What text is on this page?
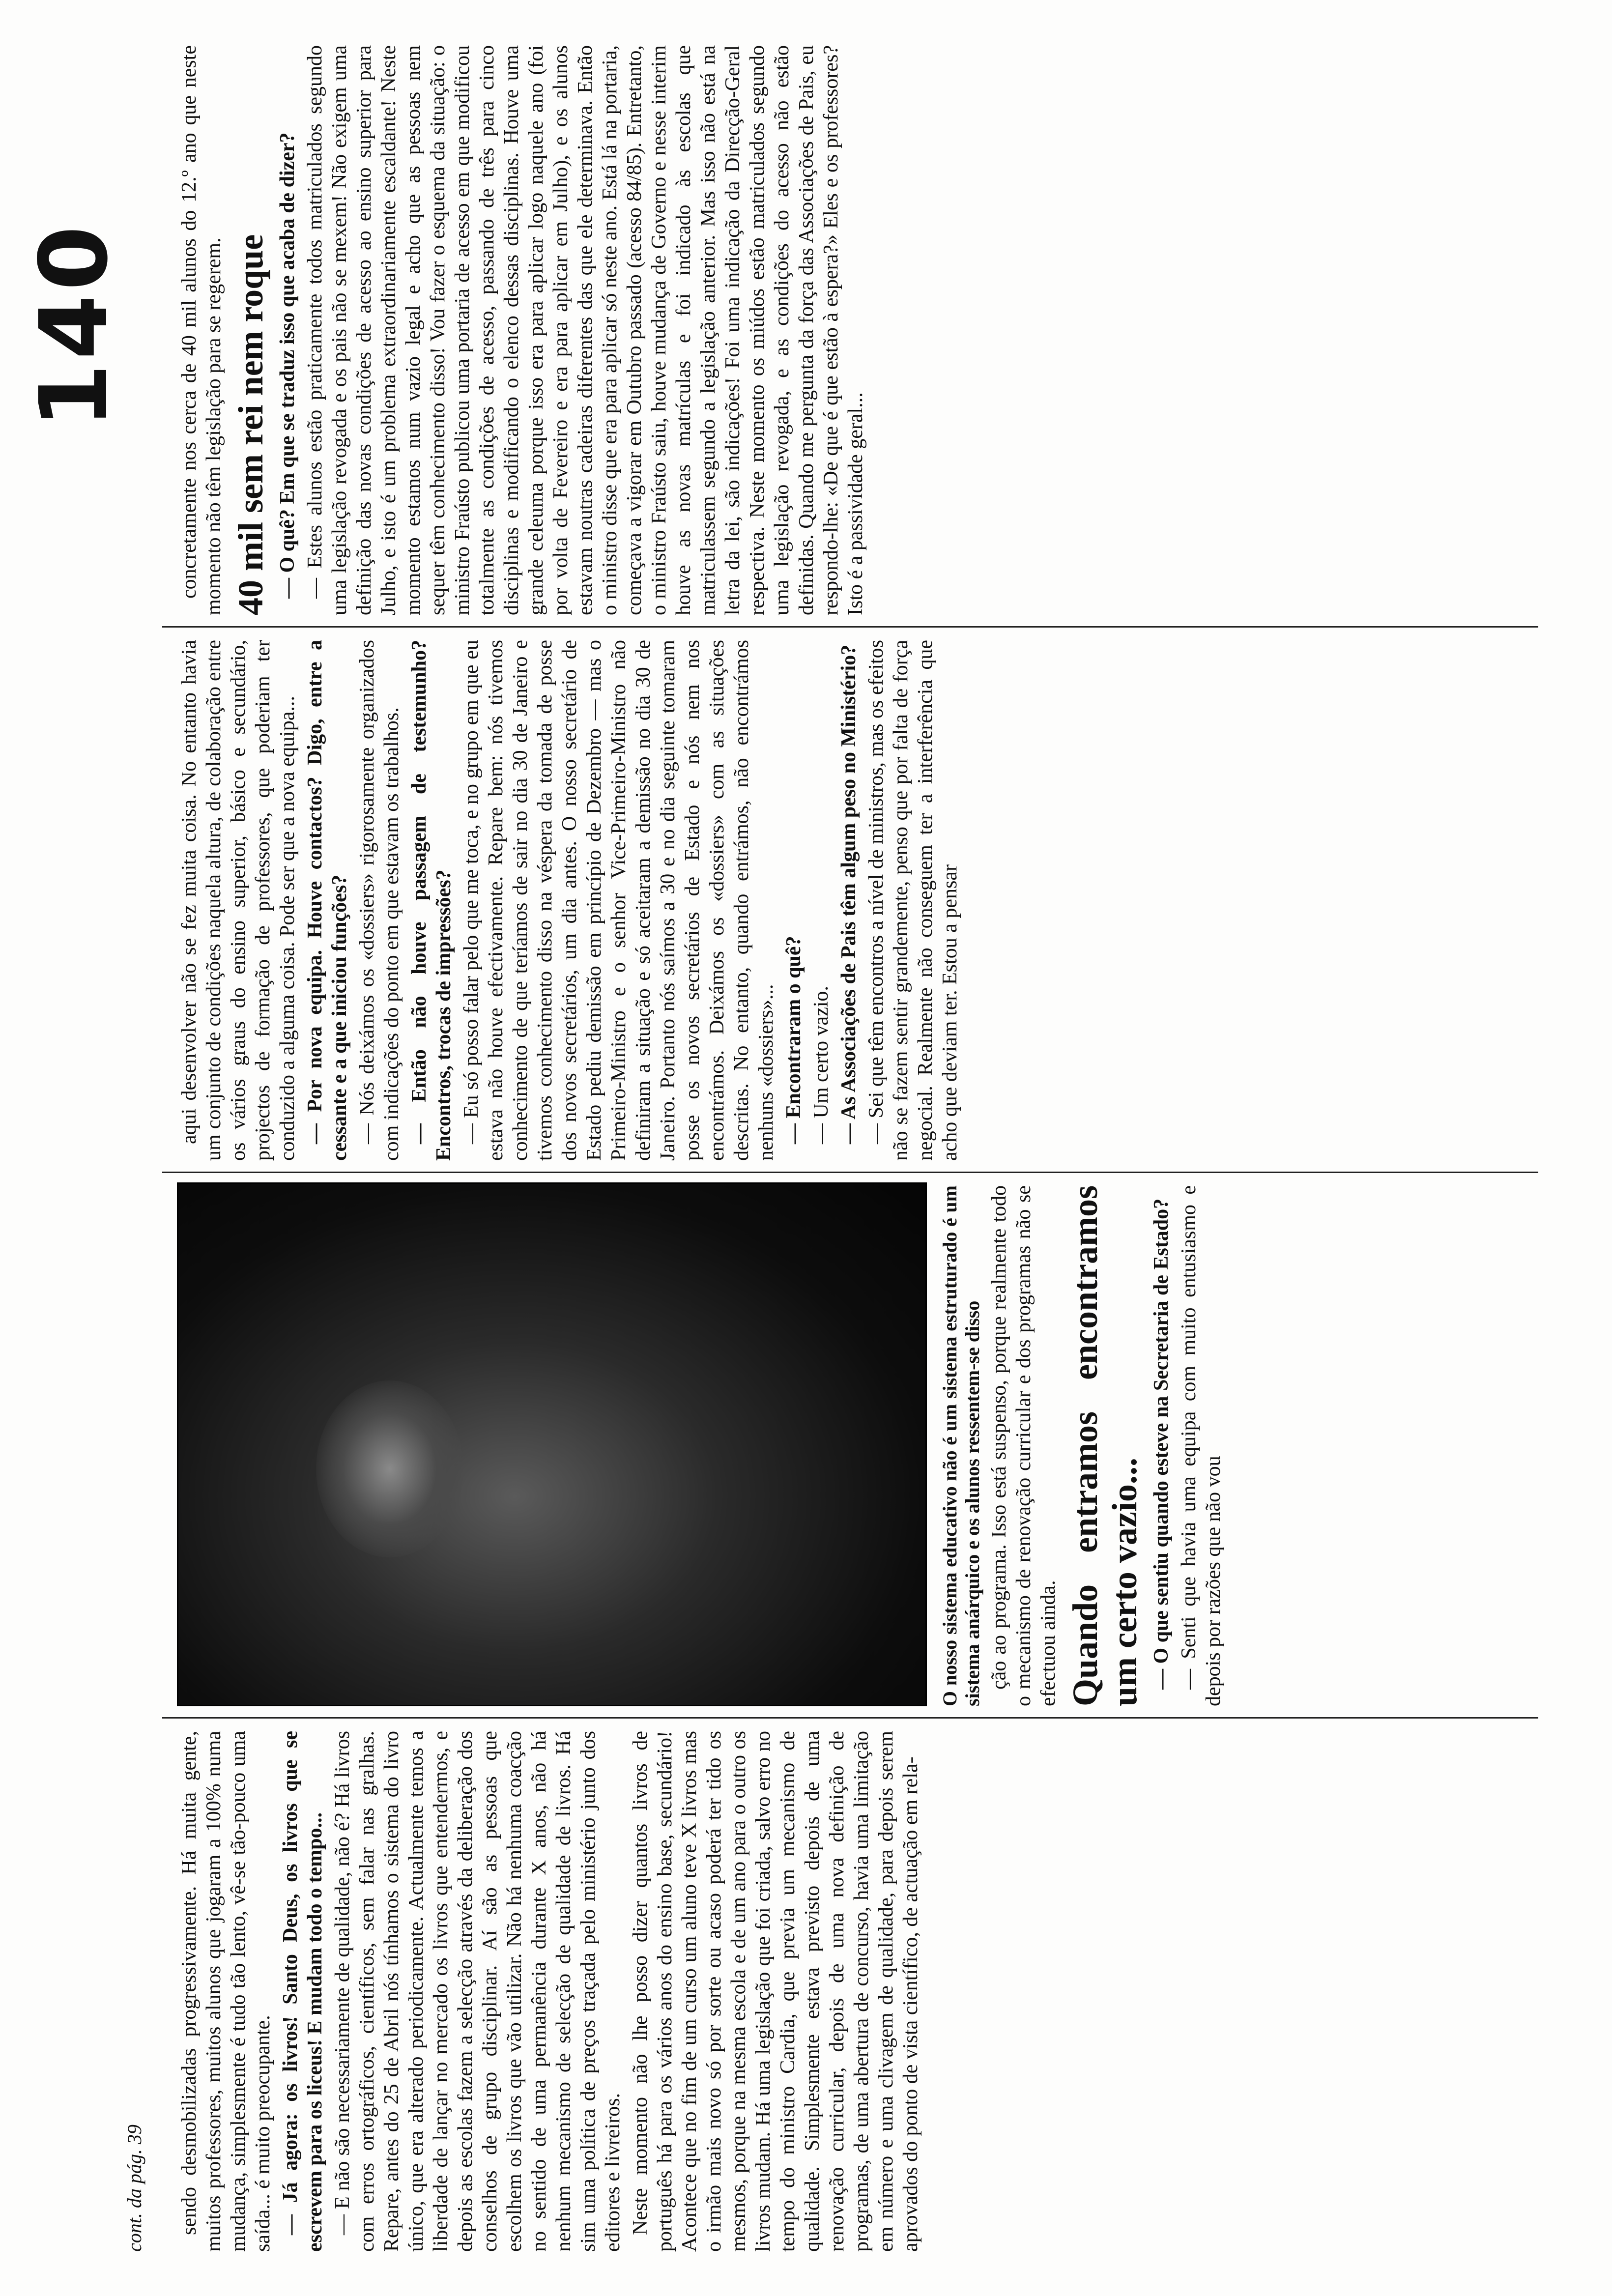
cont. da pág. 39
140

sendo desmobilizadas progressivamente. Há muita gente, muitos professores, muitos alunos que jogaram a 100% numa mudança, simplesmente é tudo tão lento, vê-se tão-pouco uma saída... é muito preocupante. — Já agora: os livros! Santo Deus, os livros que se escrevem para os liceus! E mudam todo o tempo... — E não são necessariamente de qualidade, não é? Há livros com erros ortográficos, científicos, sem falar nas gralhas. Repare, antes do 25 de Abril nós tínhamos o sistema do livro único, que era alterado periodicamente. Actualmente temos a liberdade de lançar no mercado os livros que entendermos, e depois as escolas fazem a selecção através da deliberação dos conselhos de grupo disciplinar. Aí são as pessoas que escolhem os livros que vão utilizar. Não há nenhuma coacção no sentido de uma permanência durante X anos, não há nenhum mecanismo de selecção de qualidade de livros. Há sim uma política de preços traçada pelo ministério junto dos editores e livreiros. Neste momento não lhe posso dizer quantos livros de português há para os vários anos do ensino base, secundário! Acontece que no fim de um curso um aluno teve X livros mas o irmão mais novo só por sorte ou acaso poderá ter tido os mesmos, porque na mesma escola e de um ano para o outro os livros mudam. Há uma legislação que foi criada, salvo erro no tempo do ministro Cardia, que previa um mecanismo de qualidade. Simplesmente estava previsto depois de uma renovação curricular, depois de uma nova definição de programas, de uma abertura de concurso, havia uma limitação em número e uma clivagem de qualidade, para depois serem aprovados do ponto de vista científico, de actuação em rela-

O nosso sistema educativo não é um sistema estruturado é um sistema anárquico e os alunos ressentem-se disso ção ao programa. Isso está suspenso, porque realmente todo o mecanismo de renovação curricular e dos programas não se efectuou ainda. Quando entramos encontramos um certo vazio... — O que sentiu quando esteve na Secretaria de Estado? — Senti que havia uma equipa com muito entusiasmo e depois por razões que não vou

aqui desenvolver não se fez muita coisa. No entanto havia um conjunto de condições naquela altura, de colaboração entre os vários graus do ensino superior, básico e secundário, projectos de formação de professores, que poderiam ter conduzido a alguma coisa. Pode ser que a nova equipa... — Por nova equipa. Houve contactos? Digo, entre a cessante e a que iniciou funções? — Nós deixámos os «dossiers» rigorosamente organizados com indicações do ponto em que estavam os trabalhos. — Então não houve passagem de testemunho? Encontros, trocas de impressões? — Eu só posso falar pelo que me toca, e no grupo em que eu estava não houve efectivamente. Repare bem: nós tivemos conhecimento de que teríamos de sair no dia 30 de Janeiro e tivemos conhecimento disso na véspera da tomada de posse dos novos secretários, um dia antes. O nosso secretário de Estado pediu demissão em princípio de Dezembro — mas o Primeiro-Ministro e o senhor Vice-Primeiro-Ministro não definiram a situação e só aceitaram a demissão no dia 30 de Janeiro. Portanto nós saímos a 30 e no dia seguinte tomaram posse os novos secretários de Estado e nós nem nos encontrámos. Deixámos os «dossiers» com as situações descritas. No entanto, quando entrámos, não encontrámos nenhuns «dossiers»... — Encontraram o quê? — Um certo vazio. — As Associações de Pais têm algum peso no Ministério? — Sei que têm encontros a nível de ministros, mas os efeitos não se fazem sentir grandemente, penso que por falta de força negocial. Realmente não conseguem ter a interferência que acho que deviam ter. Estou a pensar

concretamente nos cerca de 40 mil alunos do 12.º ano que neste momento não têm legislação para se regerem. 40 mil sem rei nem roque — O quê? Em que se traduz isso que acaba de dizer? — Estes alunos estão praticamente todos matriculados segundo uma legislação revogada e os pais não se mexem! Não exigem uma definição das novas condições de acesso ao ensino superior para Julho, e isto é um problema extraordinariamente escaldante! Neste momento estamos num vazio legal e acho que as pessoas nem sequer têm conhecimento disso! Vou fazer o esquema da situação: o ministro Fraústo publicou uma portaria de acesso em que modificou totalmente as condições de acesso, passando de três para cinco disciplinas e modificando o elenco dessas disciplinas. Houve uma grande celeuma porque isso era para aplicar logo naquele ano (foi por volta de Fevereiro e era para aplicar em Julho), e os alunos estavam noutras cadeiras diferentes das que ele determinava. Então o ministro disse que era para aplicar só neste ano. Está lá na portaria, começava a vigorar em Outubro passado (acesso 84/85). Entretanto, o ministro Fraústo saiu, houve mudança de Governo e nesse interim houve as novas matrículas e foi indicado às escolas que matriculassem segundo a legislação anterior. Mas isso não está na letra da lei, são indicações! Foi uma indicação da Direcção-Geral respectiva. Neste momento os miúdos estão matriculados segundo uma legislação revogada, e as condições do acesso não estão definidas. Quando me pergunta da força das Associações de Pais, eu respondo-lhe: «De que é que estão à espera?» Eles e os professores? Isto é a passividade geral...
